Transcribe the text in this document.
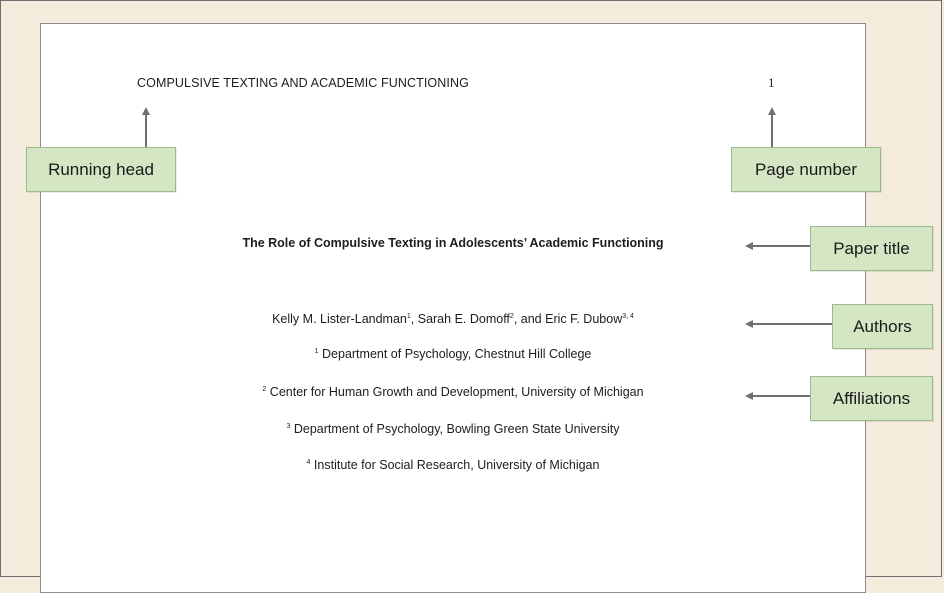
COMPULSIVE TEXTING AND ACADEMIC FUNCTIONING	1
The Role of Compulsive Texting in Adolescents’ Academic Functioning
Kelly M. Lister-Landman$^1$, Sarah E. Domoff$^2$, and Eric F. Dubow$^{3, 4}$
$^1$ Department of Psychology, Chestnut Hill College
$^2$ Center for Human Growth and Development, University of Michigan
$^3$ Department of Psychology, Bowling Green State University
$^4$ Institute for Social Research, University of Michigan
Running head	Page number
Paper title
Authors
Affiliations
